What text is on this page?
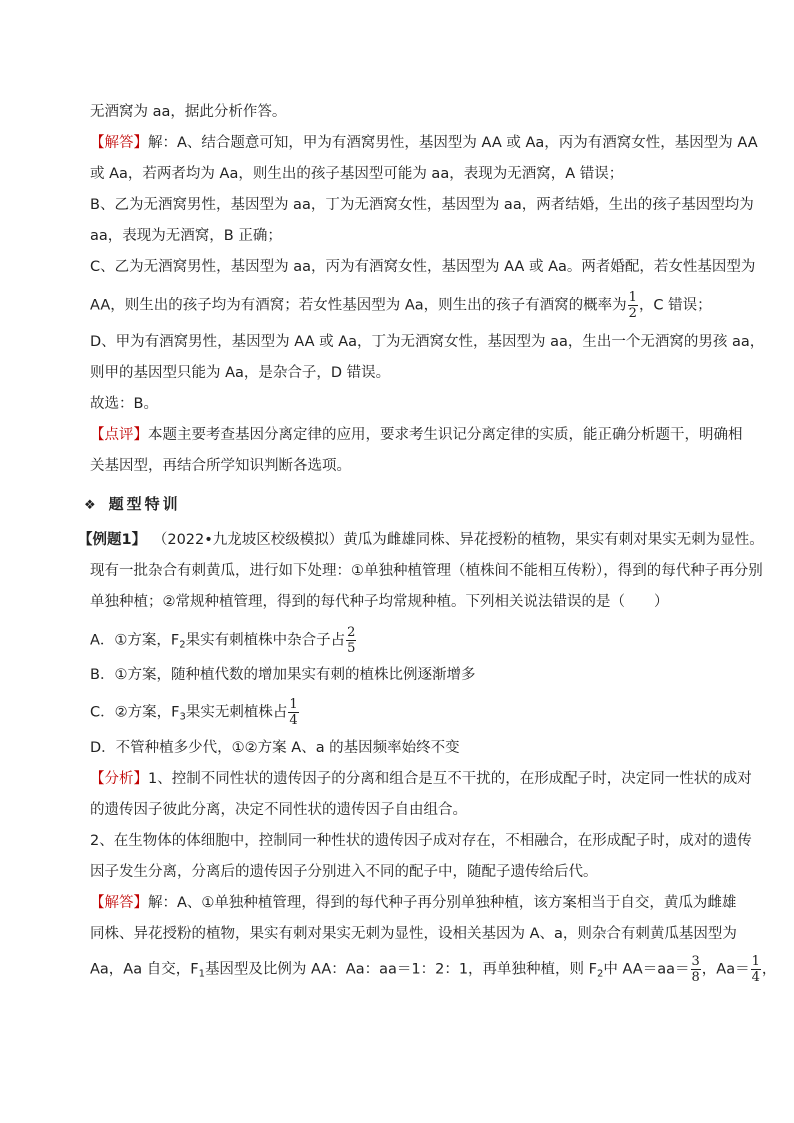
无酒窝为 aa，据此分析作答。
【解答】解：A、结合题意可知，甲为有酒窝男性，基因型为 AA 或 Aa，丙为有酒窝女性，基因型为 AA
或 Aa，若两者均为 Aa，则生出的孩子基因型可能为 aa，表现为无酒窝，A 错误；
B、乙为无酒窝男性，基因型为 aa，丁为无酒窝女性，基因型为 aa，两者结婚，生出的孩子基因型均为
aa，表现为无酒窝，B 正确；
C、乙为无酒窝男性，基因型为 aa，丙为有酒窝女性，基因型为 AA 或 Aa。两者婚配，若女性基因型为
AA，则生出的孩子均为有酒窝；若女性基因型为 Aa，则生出的孩子有酒窝的概率为 $\frac{1}{2}$ ，C 错误；
D、甲为有酒窝男性，基因型为 AA 或 Aa，丁为无酒窝女性，基因型为 aa，生出一个无酒窝的男孩 aa，
则甲的基因型只能为 Aa，是杂合子，D 错误。
故选：B。
【点评】本题主要考查基因分离定律的应用，要求考生识记分离定律的实质，能正确分析题干，明确相
关基因型，再结合所学知识判断各选项。
❖ 题型特训
【例题1】 （2022•九龙坡区校级模拟）黄瓜为雌雄同株、异花授粉的植物，果实有刺对果实无刺为显性。
现有一批杂合有刺黄瓜，进行如下处理：①单独种植管理（植株间不能相互传粉），得到的每代种子再分别
单独种植；②常规种植管理，得到的每代种子均常规种植。下列相关说法错误的是（　　）
A．①方案，$F_2$果实有刺植株中杂合子占 $\frac{2}{5}$
B．①方案，随种植代数的增加果实有刺的植株比例逐渐增多
C．②方案，$F_3$果实无刺植株占 $\frac{1}{4}$
D．不管种植多少代，①②方案 A、a 的基因频率始终不变
【分析】1、控制不同性状的遗传因子的分离和组合是互不干扰的，在形成配子时，决定同一性状的成对
的遗传因子彼此分离，决定不同性状的遗传因子自由组合。
2、在生物体的体细胞中，控制同一种性状的遗传因子成对存在，不相融合，在形成配子时，成对的遗传
因子发生分离，分离后的遗传因子分别进入不同的配子中，随配子遗传给后代。
【解答】解：A、①单独种植管理，得到的每代种子再分别单独种植，该方案相当于自交，黄瓜为雌雄
同株、异花授粉的植物，果实有刺对果实无刺为显性，设相关基因为 A、a，则杂合有刺黄瓜基因型为
Aa，Aa 自交，$F_1$基因型及比例为 AA：Aa：aa＝1：2：1，再单独种植，则 $F_2$中 $AA=aa= \frac{3}{8}$ ，$Aa= \frac{1}{4}$ ，
